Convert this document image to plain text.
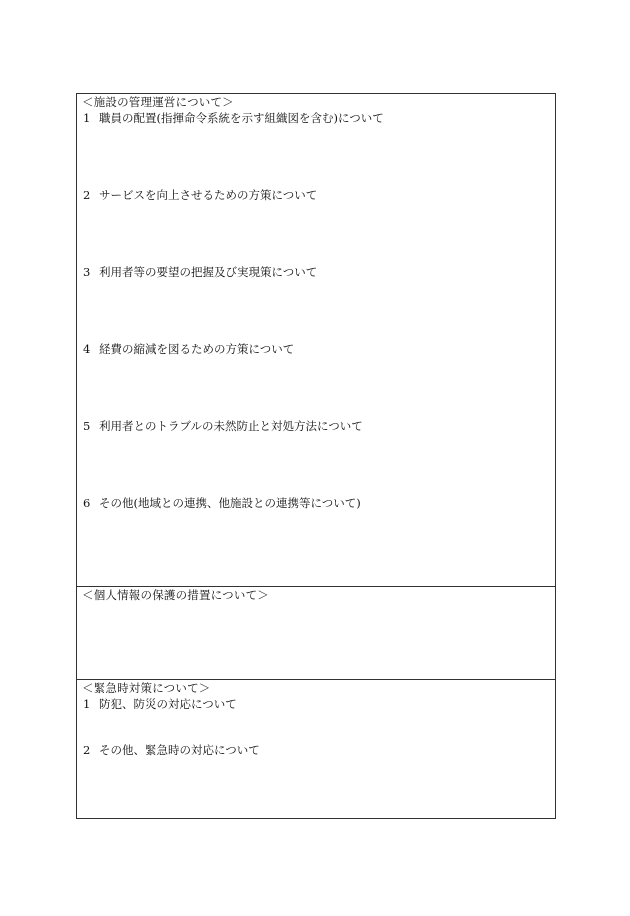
＜施設の管理運営について＞
1 職員の配置(指揮命令系統を示す組織図を含む)について
2 サービスを向上させるための方策について
3 利用者等の要望の把握及び実現策について
4 経費の縮減を図るための方策について
5 利用者とのトラブルの未然防止と対処方法について
6 その他(地域との連携、他施設との連携等について)
＜個人情報の保護の措置について＞
＜緊急時対策について＞
1 防犯、防災の対応について
2 その他、緊急時の対応について
